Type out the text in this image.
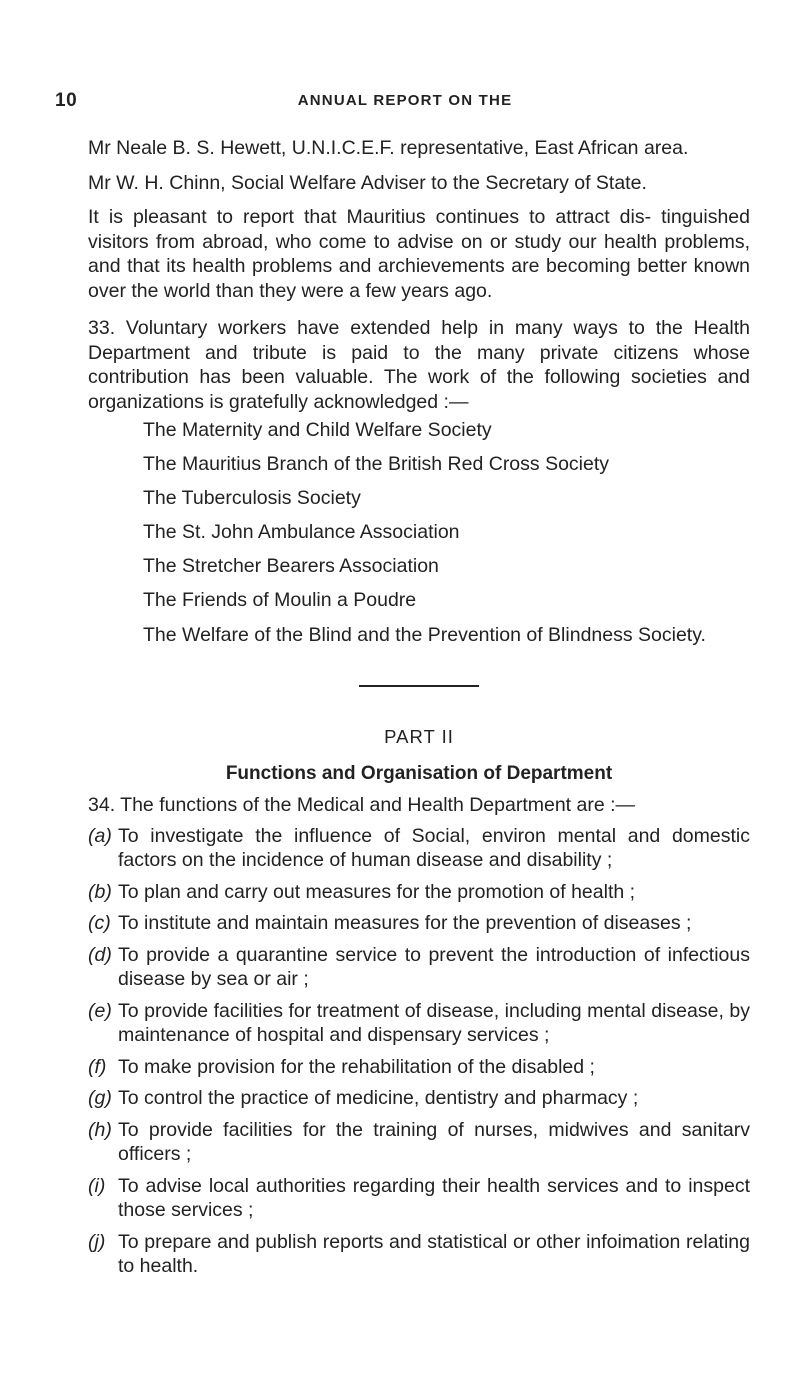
10	ANNUAL REPORT ON THE

Mr Neale B. S. Hewett, U.N.I.C.E.F. representative, East African area.

Mr W. H. Chinn, Social Welfare Adviser to the Secretary of State.

It is pleasant to report that Mauritius continues to attract dis- tinguished visitors from abroad, who come to advise on or study our health problems, and that its health problems and archievements are becoming better known over the world than they were a few years ago.

33. Voluntary workers have extended help in many ways to the Health Department and tribute is paid to the many private citizens whose contribution has been valuable. The work of the following societies and organizations is gratefully acknowledged :—

The Maternity and Child Welfare Society
The Mauritius Branch of the British Red Cross Society
The Tuberculosis Society
The St. John Ambulance Association
The Stretcher Bearers Association
The Friends of Moulin a Poudre
The Welfare of the Blind and the Prevention of Blindness Society.
PART II
Functions and Organisation of Department

34. The functions of the Medical and Health Department are :—

(a) To investigate the influence of Social, environ mental and domestic factors on the incidence of human disease and disability ;
(b) To plan and carry out measures for the promotion of health ;
(c) To institute and maintain measures for the prevention of diseases ;
(d) To provide a quarantine service to prevent the introduction of infectious disease by sea or air ;
(e) To provide facilities for treatment of disease, including mental disease, by maintenance of hospital and dispensary services ;
(f) To make provision for the rehabilitation of the disabled ;
(g) To control the practice of medicine, dentistry and pharmacy ;
(h) To provide facilities for the training of nurses, midwives and sanitarv officers ;
(i) To advise local authorities regarding their health services and to inspect those services ;
(j) To prepare and publish reports and statistical or other infoimation relating to health.
